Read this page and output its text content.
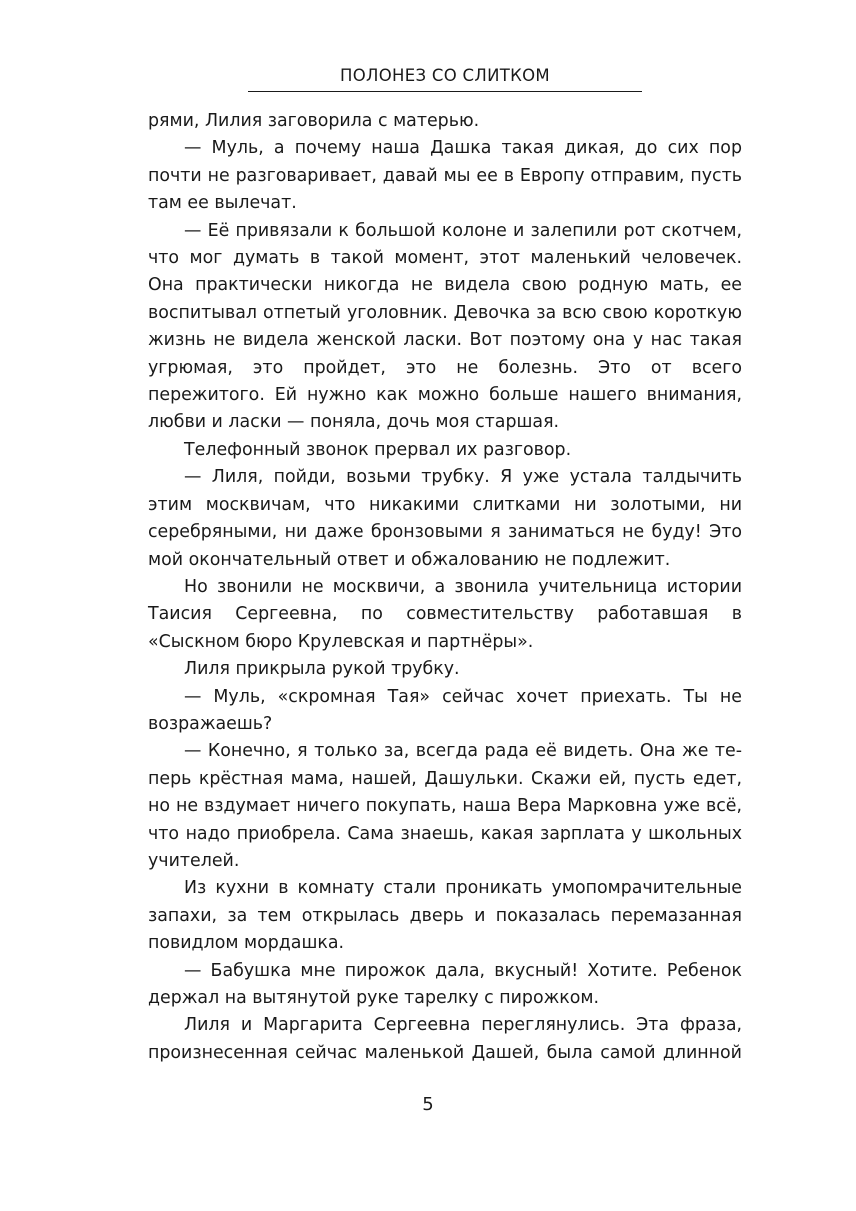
ПОЛОНЕЗ СО СЛИТКОМ

рями, Лилия заговорила с матерью.

— Муль, а почему наша Дашка такая дикая, до сих пор почти не разговаривает, давай мы ее в Европу отправим, пусть там ее вылечат.

— Её привязали к большой колоне и залепили рот скотчем, что мог думать в такой момент, этот маленький человечек. Она практически никогда не видела свою родную мать, ее воспитывал отпетый уголовник. Девочка за всю свою короткую жизнь не видела женской ласки. Вот поэтому она у нас такая угрюмая, это пройдет, это не болезнь. Это от всего пережитого. Ей нужно как можно больше нашего внимания, любви и ласки — поняла, дочь моя старшая.

Телефонный звонок прервал их разговор.

— Лиля, пойди, возьми трубку. Я уже устала талдычить этим москвичам, что никакими слитками ни золотыми, ни серебряными, ни даже бронзовыми я заниматься не буду! Это мой окончательный ответ и обжалованию не подлежит.

Но звонили не москвичи, а звонила учительница истории Таисия Сергеевна, по совместительству работавшая в «Сыскном бюро Крулевская и партнёры».

Лиля прикрыла рукой трубку.

— Муль, «скромная Тая» сейчас хочет приехать. Ты не возражаешь?

— Конечно, я только за, всегда рада её видеть. Она же теперь крёстная мама, нашей, Дашульки. Скажи ей, пусть едет, но не вздумает ничего покупать, наша Вера Марковна уже всё, что надо приобрела. Сама знаешь, какая зарплата у школьных учителей.

Из кухни в комнату стали проникать умопомрачительные запахи, за тем открылась дверь и показалась перемазанная повидлом мордашка.

— Бабушка мне пирожок дала, вкусный! Хотите. Ребенок держал на вытянутой руке тарелку с пирожком.

Лиля и Маргарита Сергеевна переглянулись. Эта фраза, произнесенная сейчас маленькой Дашей, была самой длинной

5
